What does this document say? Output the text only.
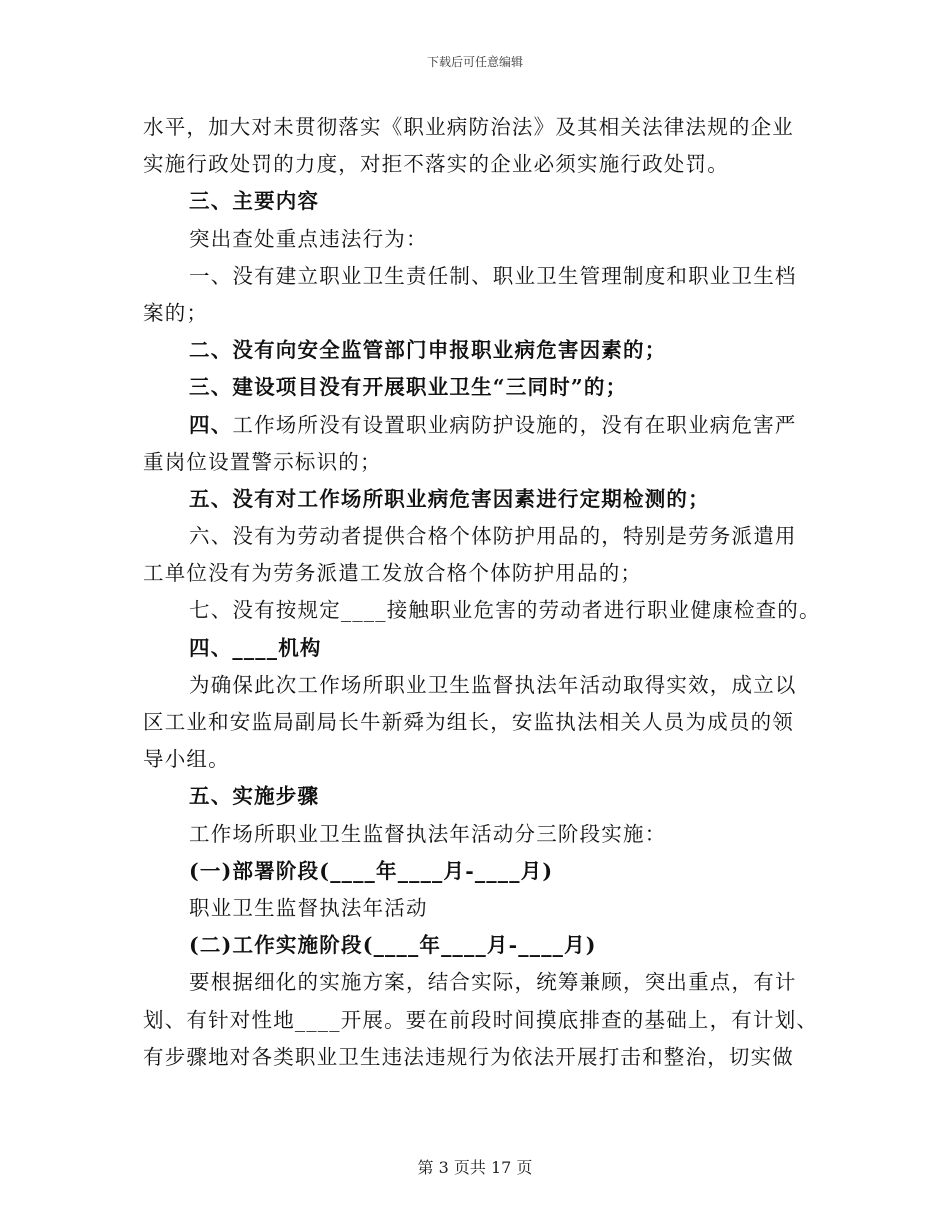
下载后可任意编辑
水平，加大对未贯彻落实《职业病防治法》及其相关法律法规的企业
实施行政处罚的力度，对拒不落实的企业必须实施行政处罚。
三、主要内容
突出查处重点违法行为：
一、没有建立职业卫生责任制、职业卫生管理制度和职业卫生档
案的；
二、没有向安全监管部门申报职业病危害因素的；
三、建设项目没有开展职业卫生“三同时”的；
四、工作场所没有设置职业病防护设施的，没有在职业病危害严
重岗位设置警示标识的；
五、没有对工作场所职业病危害因素进行定期检测的；
六、没有为劳动者提供合格个体防护用品的，特别是劳务派遣用
工单位没有为劳务派遣工发放合格个体防护用品的；
七、没有按规定____接触职业危害的劳动者进行职业健康检查的。
四、____机构
为确保此次工作场所职业卫生监督执法年活动取得实效，成立以
区工业和安监局副局长牛新舜为组长，安监执法相关人员为成员的领
导小组。
五、实施步骤
工作场所职业卫生监督执法年活动分三阶段实施：
(一)部署阶段(____年____月-____月)
职业卫生监督执法年活动
(二)工作实施阶段(____年____月-____月)
要根据细化的实施方案，结合实际，统筹兼顾，突出重点，有计
划、有针对性地____开展。要在前段时间摸底排查的基础上，有计划、
有步骤地对各类职业卫生违法违规行为依法开展打击和整治，切实做
第 3 页共 17 页
